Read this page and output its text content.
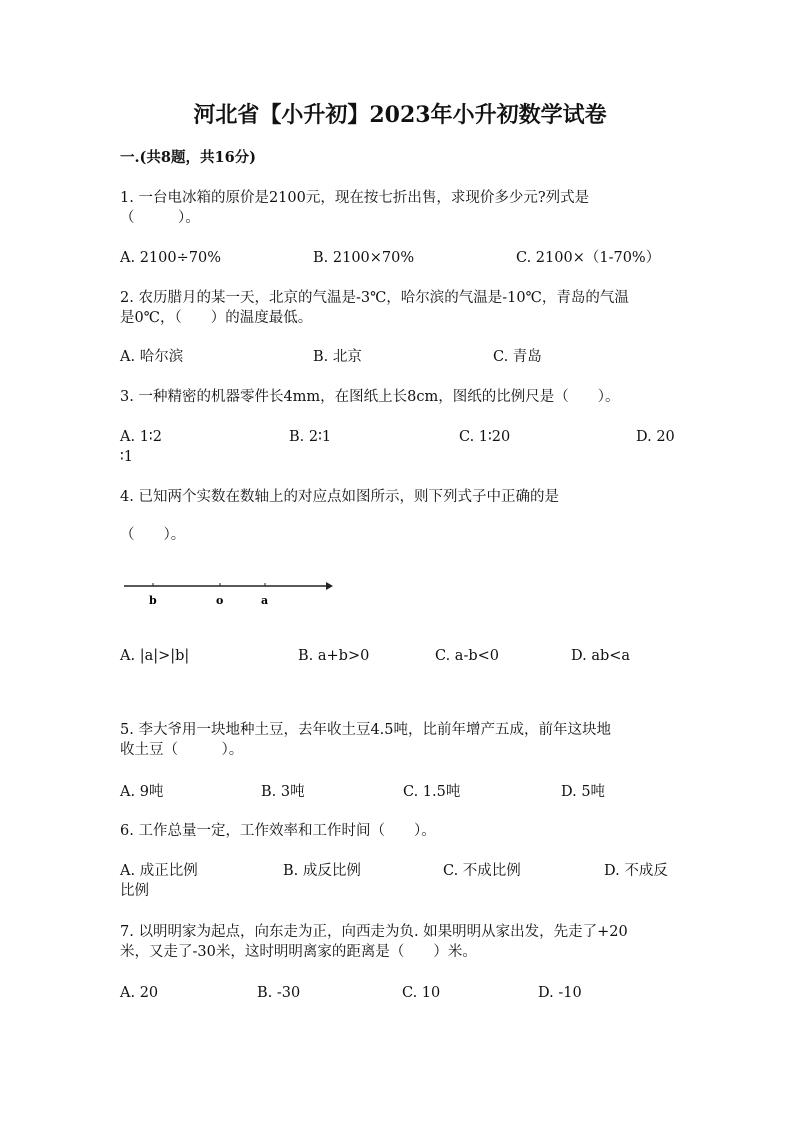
河北省【小升初】2023年小升初数学试卷
一.(共8题，共16分)
1. 一台电冰箱的原价是2100元，现在按七折出售，求现价多少元?列式是
（　　　）。
A. 2100÷70%	B. 2100×70%	C. 2100×（1-70%）
2. 农历腊月的某一天，北京的气温是-3℃，哈尔滨的气温是-10℃，青岛的气温
是0℃，（　　）的温度最低。
A. 哈尔滨	B. 北京	C. 青岛
3. 一种精密的机器零件长4mm，在图纸上长8cm，图纸的比例尺是（　　）。
A. 1∶2	B. 2∶1	C. 1∶20	D. 20
∶1
4. 已知两个实数在数轴上的对应点如图所示，则下列式子中正确的是
（　　）。
b	o	a
A. |a|>|b|	B. a+b>0	C. a-b<0	D. ab<a
5. 李大爷用一块地种土豆，去年收土豆4.5吨，比前年增产五成，前年这块地
收土豆（　　　）。
A. 9吨	B. 3吨	C. 1.5吨	D. 5吨
6. 工作总量一定，工作效率和工作时间（　　）。
A. 成正比例	B. 成反比例	C. 不成比例	D. 不成反
比例
7. 以明明家为起点，向东走为正，向西走为负. 如果明明从家出发，先走了+20
米，又走了-30米，这时明明离家的距离是（　　）米。
A. 20	B. -30	C. 10	D. -10
